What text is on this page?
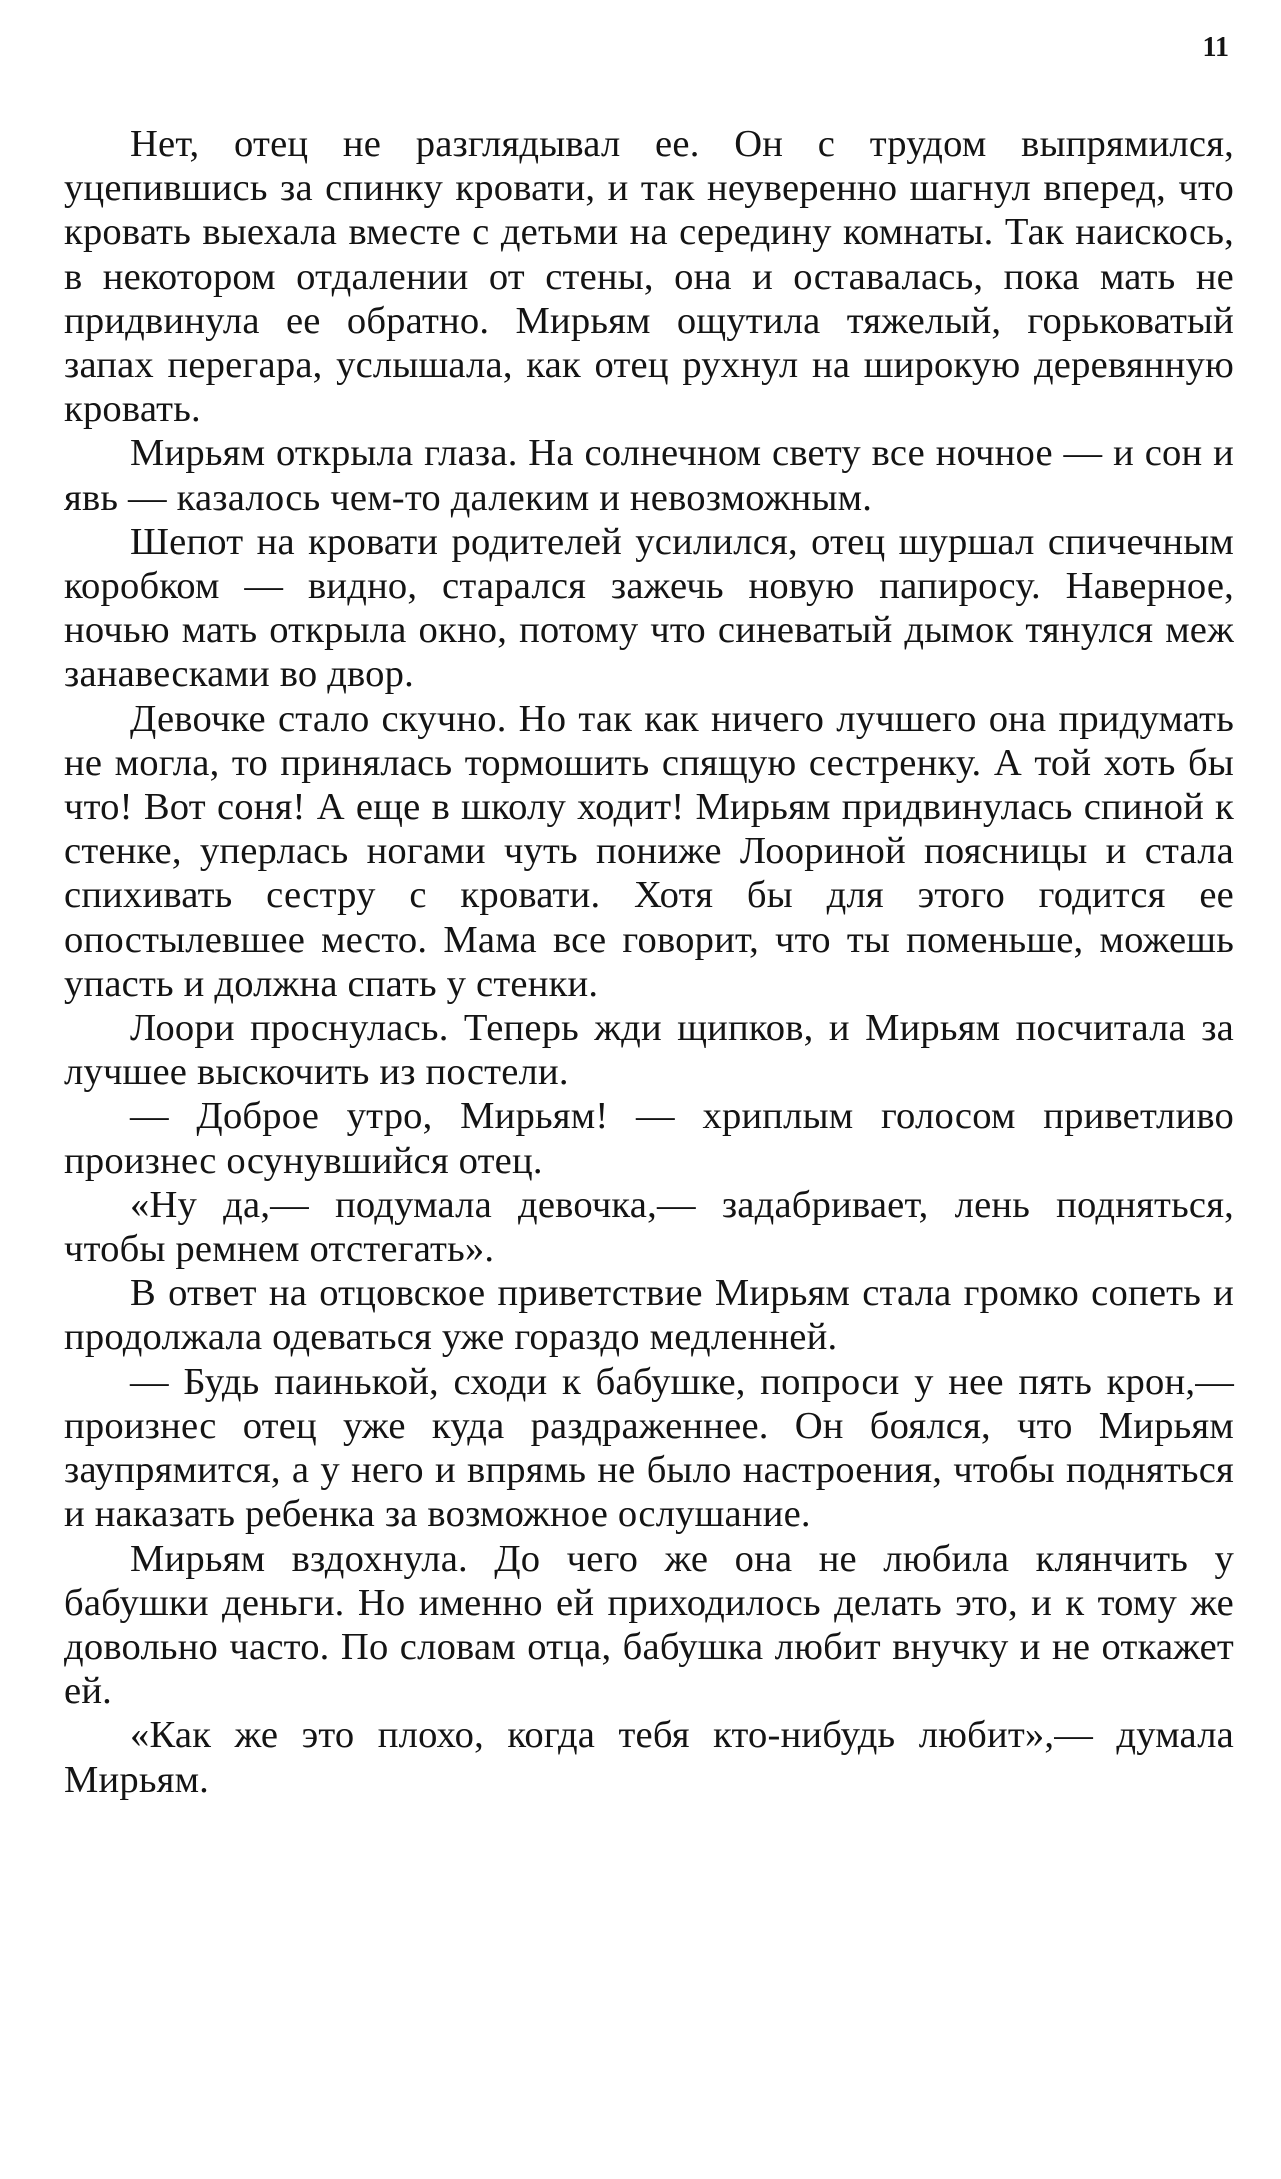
11

Нет, отец не разглядывал ее. Он с трудом выпрямился, уцепившись за спинку кровати, и так неуверенно шагнул вперед, что кровать выехала вместе с детьми на середину комнаты. Так наискось, в некотором отдалении от стены, она и оставалась, пока мать не придвинула ее обратно. Мирьям ощутила тяжелый, горьковатый запах перегара, услышала, как отец рухнул на широкую деревянную кровать.

Мирьям открыла глаза. На солнечном свету все ночное — и сон и явь — казалось чем-то далеким и невозможным.

Шепот на кровати родителей усилился, отец шуршал спичечным коробком — видно, старался зажечь новую папиросу. Наверное, ночью мать открыла окно, потому что синеватый дымок тянулся меж занавесками во двор.

Девочке стало скучно. Но так как ничего лучшего она придумать не могла, то принялась тормошить спящую сестренку. А той хоть бы что! Вот соня! А еще в школу ходит! Мирьям придвинулась спиной к стенке, уперлась ногами чуть пониже Лоориной поясницы и стала спихивать сестру с кровати. Хотя бы для этого годится ее опостылевшее место. Мама все говорит, что ты поменьше, можешь упасть и должна спать у стенки.

Лоори проснулась. Теперь жди щипков, и Мирьям посчитала за лучшее выскочить из постели.

— Доброе утро, Мирьям! — хриплым голосом приветливо произнес осунувшийся отец.

«Ну да,— подумала девочка,— задабривает, лень подняться, чтобы ремнем отстегать».

В ответ на отцовское приветствие Мирьям стала громко сопеть и продолжала одеваться уже гораздо медленней.

— Будь паинькой, сходи к бабушке, попроси у нее пять крон,— произнес отец уже куда раздраженнее. Он боялся, что Мирьям заупрямится, а у него и впрямь не было настроения, чтобы подняться и наказать ребенка за возможное ослушание.

Мирьям вздохнула. До чего же она не любила клянчить у бабушки деньги. Но именно ей приходилось делать это, и к тому же довольно часто. По словам отца, бабушка любит внучку и не откажет ей.

«Как же это плохо, когда тебя кто-нибудь любит»,— думала Мирьям.
